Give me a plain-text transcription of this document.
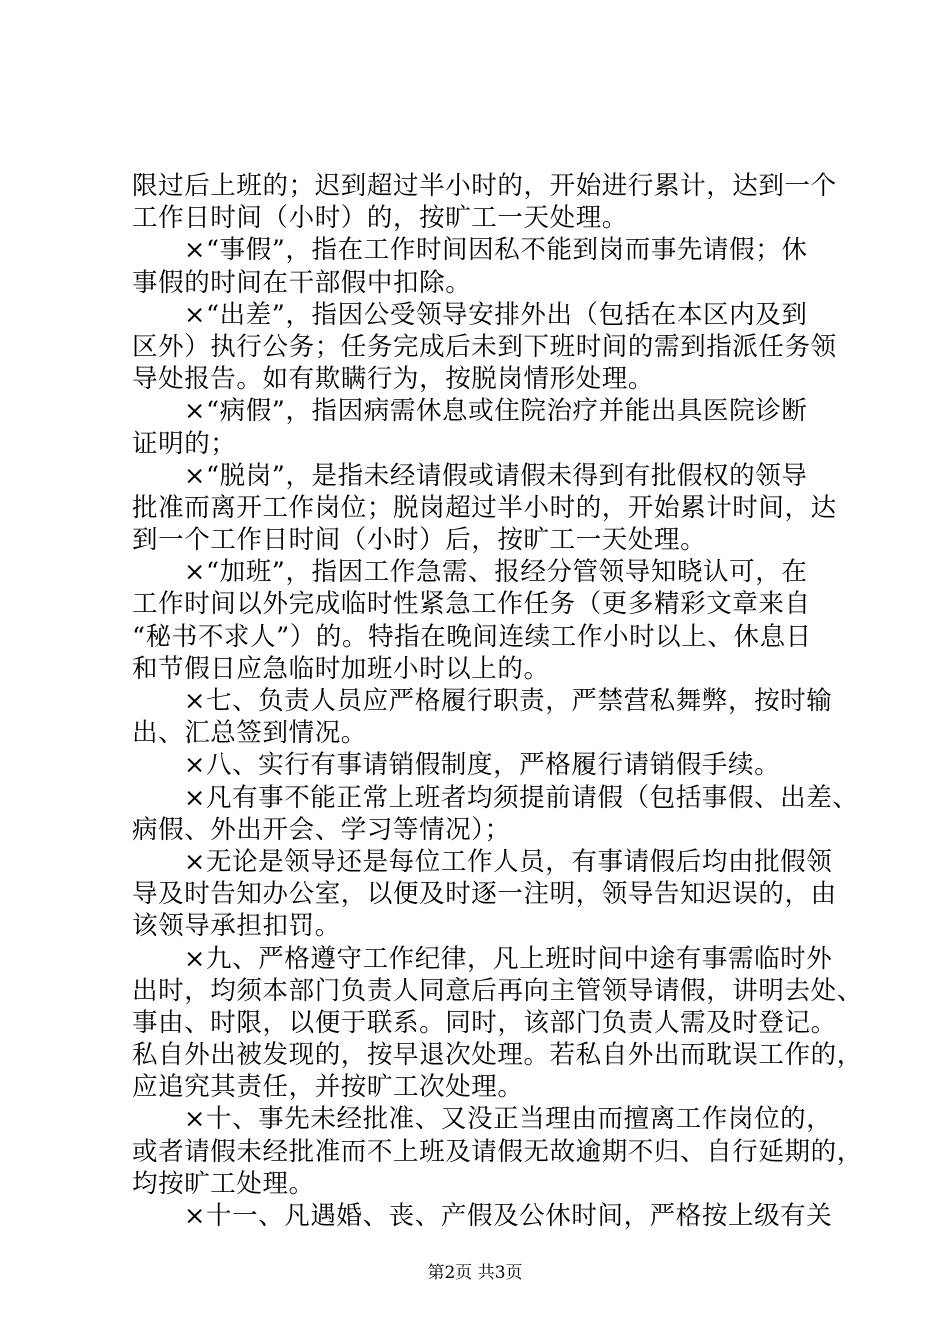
限过后上班的；迟到超过半小时的，开始进行累计，达到一个
工作日时间（小时）的，按旷工一天处理。
×“事假”，指在工作时间因私不能到岗而事先请假；休
事假的时间在干部假中扣除。
×“出差”，指因公受领导安排外出（包括在本区内及到
区外）执行公务；任务完成后未到下班时间的需到指派任务领
导处报告。如有欺瞒行为，按脱岗情形处理。
×“病假”，指因病需休息或住院治疗并能出具医院诊断
证明的；
×“脱岗”，是指未经请假或请假未得到有批假权的领导
批准而离开工作岗位；脱岗超过半小时的，开始累计时间，达
到一个工作日时间（小时）后，按旷工一天处理。
×“加班”，指因工作急需、报经分管领导知晓认可，在
工作时间以外完成临时性紧急工作任务（更多精彩文章来自
“秘书不求人”）的。特指在晚间连续工作小时以上、休息日
和节假日应急临时加班小时以上的。
×七、负责人员应严格履行职责，严禁营私舞弊，按时输
出、汇总签到情况。
×八、实行有事请销假制度，严格履行请销假手续。
×凡有事不能正常上班者均须提前请假（包括事假、出差、
病假、外出开会、学习等情况）；
×无论是领导还是每位工作人员，有事请假后均由批假领
导及时告知办公室，以便及时逐一注明，领导告知迟误的，由
该领导承担扣罚。
×九、严格遵守工作纪律，凡上班时间中途有事需临时外
出时，均须本部门负责人同意后再向主管领导请假，讲明去处、
事由、时限，以便于联系。同时，该部门负责人需及时登记。
私自外出被发现的，按早退次处理。若私自外出而耽误工作的，
应追究其责任，并按旷工次处理。
×十、事先未经批准、又没正当理由而擅离工作岗位的，
或者请假未经批准而不上班及请假无故逾期不归、自行延期的，
均按旷工处理。
×十一、凡遇婚、丧、产假及公休时间，严格按上级有关
第2页 共3页
